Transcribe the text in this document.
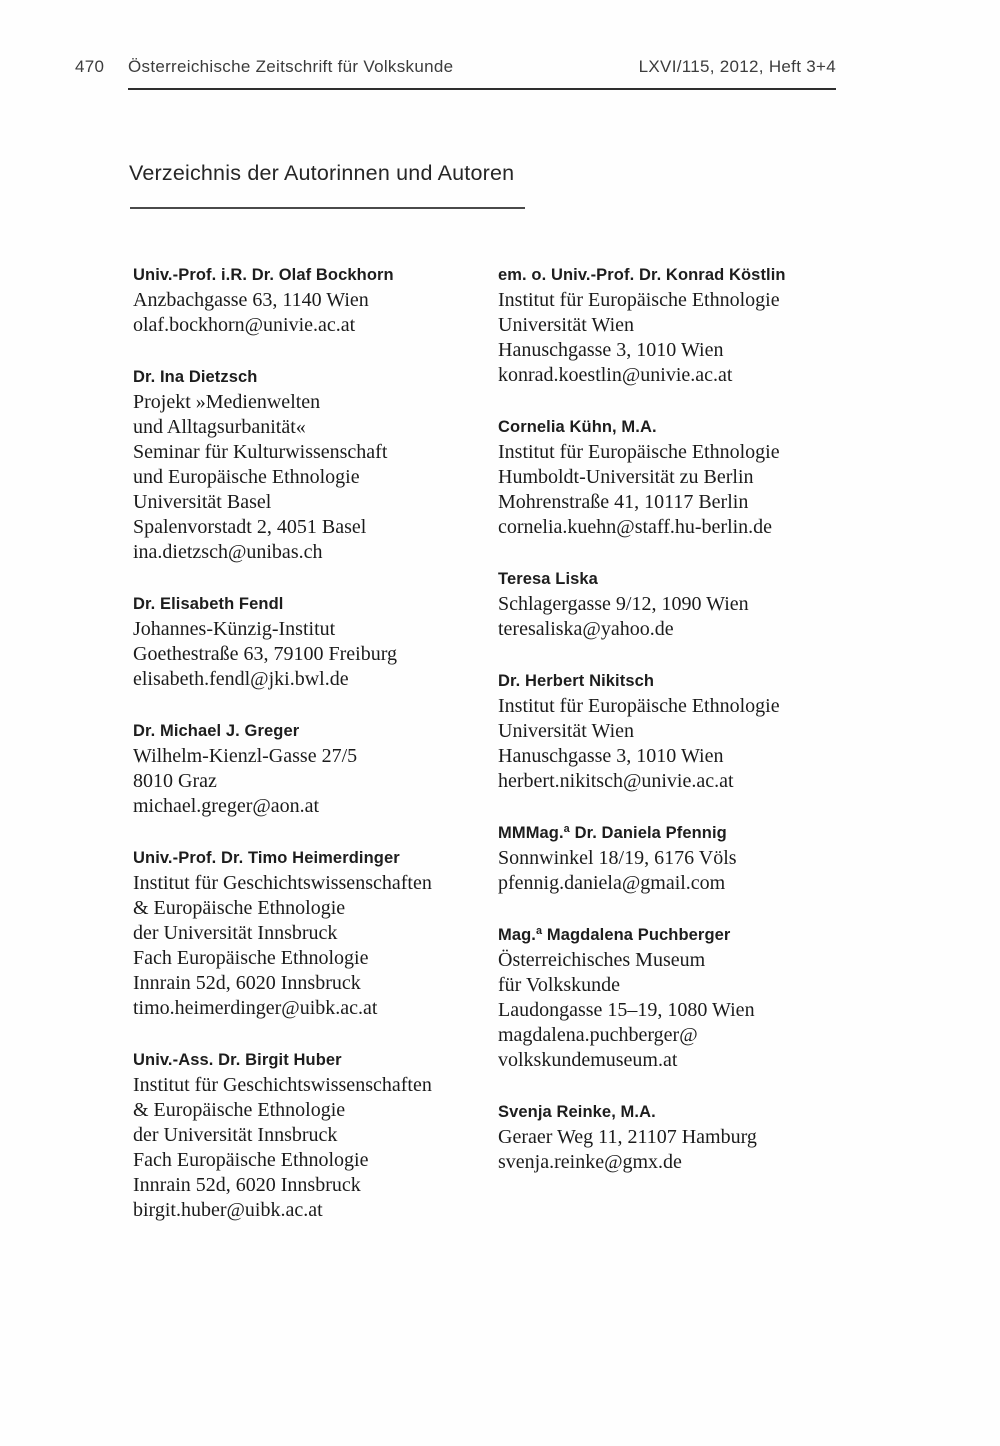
470 Österreichische Zeitschrift für Volkskunde	LXVI/115, 2012, Heft 3+4
Verzeichnis der Autorinnen und Autoren
Univ.-Prof. i.R. Dr. Olaf Bockhorn
Anzbachgasse 63, 1140 Wien
olaf.bockhorn@univie.ac.at
Dr. Ina Dietzsch
Projekt »Medienwelten
und Alltagsurbanität«
Seminar für Kulturwissenschaft
und Europäische Ethnologie
Universität Basel
Spalenvorstadt 2, 4051 Basel
ina.dietzsch@unibas.ch
Dr. Elisabeth Fendl
Johannes-Künzig-Institut
Goethestraße 63, 79100 Freiburg
elisabeth.fendl@jki.bwl.de
Dr. Michael J. Greger
Wilhelm-Kienzl-Gasse 27/5
8010 Graz
michael.greger@aon.at
Univ.-Prof. Dr. Timo Heimerdinger
Institut für Geschichtswissenschaften
& Europäische Ethnologie
der Universität Innsbruck
Fach Europäische Ethnologie
Innrain 52d, 6020 Innsbruck
timo.heimerdinger@uibk.ac.at
Univ.-Ass. Dr. Birgit Huber
Institut für Geschichtswissenschaften
& Europäische Ethnologie
der Universität Innsbruck
Fach Europäische Ethnologie
Innrain 52d, 6020 Innsbruck
birgit.huber@uibk.ac.at
em. o. Univ.-Prof. Dr. Konrad Köstlin
Institut für Europäische Ethnologie
Universität Wien
Hanuschgasse 3, 1010 Wien
konrad.koestlin@univie.ac.at
Cornelia Kühn, M.A.
Institut für Europäische Ethnologie
Humboldt-Universität zu Berlin
Mohrenstraße 41, 10117 Berlin
cornelia.kuehn@staff.hu-berlin.de
Teresa Liska
Schlagergasse 9/12, 1090 Wien
teresaliska@yahoo.de
Dr. Herbert Nikitsch
Institut für Europäische Ethnologie
Universität Wien
Hanuschgasse 3, 1010 Wien
herbert.nikitsch@univie.ac.at
MMMag.ª Dr. Daniela Pfennig
Sonnwinkel 18/19, 6176 Völs
pfennig.daniela@gmail.com
Mag.ª Magdalena Puchberger
Österreichisches Museum
für Volkskunde
Laudongasse 15–19, 1080 Wien
magdalena.puchberger@
volkskundemuseum.at
Svenja Reinke, M.A.
Geraer Weg 11, 21107 Hamburg
svenja.reinke@gmx.de
